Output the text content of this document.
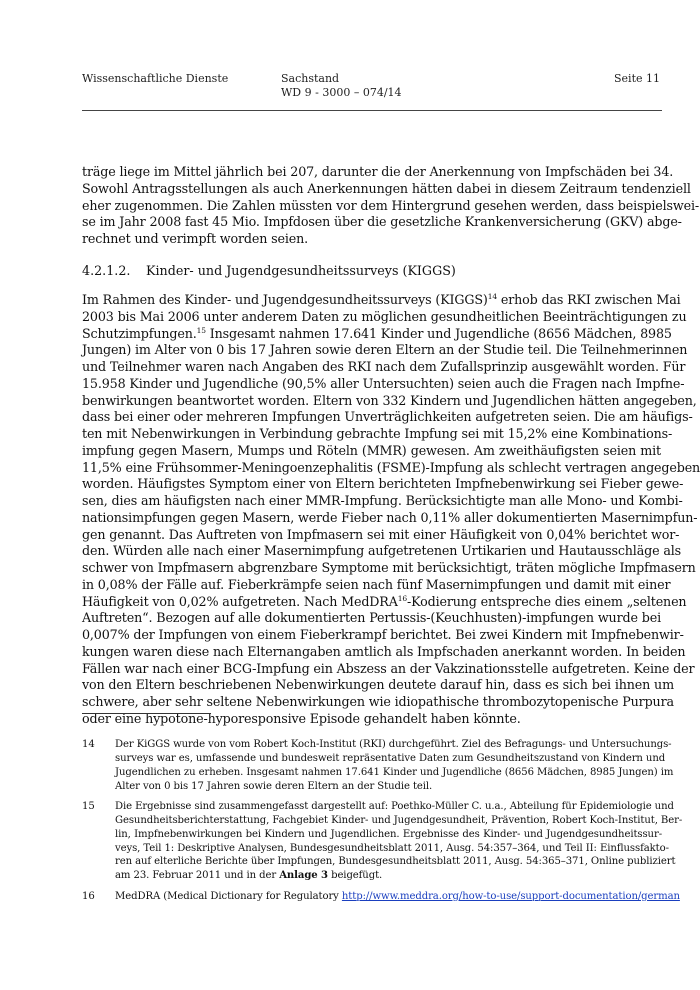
Wissenschaftliche Dienste	Sachstand
WD 9 - 3000 – 074/14
Seite 11
träge liege im Mittel jährlich bei 207, darunter die der Anerkennung von Impfschäden bei 34.
Sowohl Antragsstellungen als auch Anerkennungen hätten dabei in diesem Zeitraum tendenziell
eher zugenommen. Die Zahlen müssten vor dem Hintergrund gesehen werden, dass beispielswei-
se im Jahr 2008 fast 45 Mio. Impfdosen über die gesetzliche Krankenversicherung (GKV) abge-
rechnet und verimpft worden seien.
4.2.1.2. Kinder- und Jugendgesundheitssurveys (KIGGS)
Im Rahmen des Kinder- und Jugendgesundheitssurveys (KIGGS)$^{14}$ erhob das RKI zwischen Mai
2003 bis Mai 2006 unter anderem Daten zu möglichen gesundheitlichen Beeinträchtigungen zu
Schutzimpfungen.$^{15}$ Insgesamt nahmen 17.641 Kinder und Jugendliche (8656 Mädchen, 8985
Jungen) im Alter von 0 bis 17 Jahren sowie deren Eltern an der Studie teil. Die Teilnehmerinnen
und Teilnehmer waren nach Angaben des RKI nach dem Zufallsprinzip ausgewählt worden. Für
15.958 Kinder und Jugendliche (90,5% aller Untersuchten) seien auch die Fragen nach Impfne-
benwirkungen beantwortet worden. Eltern von 332 Kindern und Jugendlichen hätten angegeben,
dass bei einer oder mehreren Impfungen Unverträglichkeiten aufgetreten seien. Die am häufigs-
ten mit Nebenwirkungen in Verbindung gebrachte Impfung sei mit 15,2% eine Kombinations-
impfung gegen Masern, Mumps und Röteln (MMR) gewesen. Am zweithäufigsten seien mit
11,5% eine Frühsommer-Meningoenzephalitis (FSME)-Impfung als schlecht vertragen angegeben
worden. Häufigstes Symptom einer von Eltern berichteten Impfnebenwirkung sei Fieber gewe-
sen, dies am häufigsten nach einer MMR-Impfung. Berücksichtigte man alle Mono- und Kombi-
nationsimpfungen gegen Masern, werde Fieber nach 0,11% aller dokumentierten Masernimpfun-
gen genannt. Das Auftreten von Impfmasern sei mit einer Häufigkeit von 0,04% berichtet wor-
den. Würden alle nach einer Masernimpfung aufgetretenen Urtikarien und Hautausschläge als
schwer von Impfmasern abgrenzbare Symptome mit berücksichtigt, träten mögliche Impfmasern
in 0,08% der Fälle auf. Fieberkrämpfe seien nach fünf Masernimpfungen und damit mit einer
Häufigkeit von 0,02% aufgetreten. Nach MedDRA$^{16}$-Kodierung entspreche dies einem „seltenen
Auftreten“. Bezogen auf alle dokumentierten Pertussis-(Keuchhusten)-impfungen wurde bei
0,007% der Impfungen von einem Fieberkrampf berichtet. Bei zwei Kindern mit Impfnebenwir-
kungen waren diese nach Elternangaben amtlich als Impfschaden anerkannt worden. In beiden
Fällen war nach einer BCG-Impfung ein Abszess an der Vakzinationsstelle aufgetreten. Keine der
von den Eltern beschriebenen Nebenwirkungen deutete darauf hin, dass es sich bei ihnen um
schwere, aber sehr seltene Nebenwirkungen wie idiopathische thrombozytopenische Purpura
oder eine hypotone-hyporesponsive Episode gehandelt haben könnte.
14 Der KiGGS wurde von vom Robert Koch-Institut (RKI) durchgeführt. Ziel des Befragungs- und Untersuchungs-
surveys war es, umfassende und bundesweit repräsentative Daten zum Gesundheitszustand von Kindern und
Jugendlichen zu erheben. Insgesamt nahmen 17.641 Kinder und Jugendliche (8656 Mädchen, 8985 Jungen) im
Alter von 0 bis 17 Jahren sowie deren Eltern an der Studie teil.
15 Die Ergebnisse sind zusammengefasst dargestellt auf: Poethko-Müller C. u.a., Abteilung für Epidemiologie und
Gesundheitsberichterstattung, Fachgebiet Kinder- und Jugendgesundheit, Prävention, Robert Koch-Institut, Ber-
lin, Impfnebenwirkungen bei Kindern und Jugendlichen. Ergebnisse des Kinder- und Jugendgesundheitssur-
veys, Teil 1: Deskriptive Analysen, Bundesgesundheitsblatt 2011, Ausg. 54:357–364, und Teil II: Einflussfakto-
ren auf elterliche Berichte über Impfungen, Bundesgesundheitsblatt 2011, Ausg. 54:365–371, Online publiziert
am 23. Februar 2011 und in der Anlage 3 beigefügt.
16 MedDRA (Medical Dictionary for Regulatory http://www.meddra.org/how-to-use/support-documentation/german
